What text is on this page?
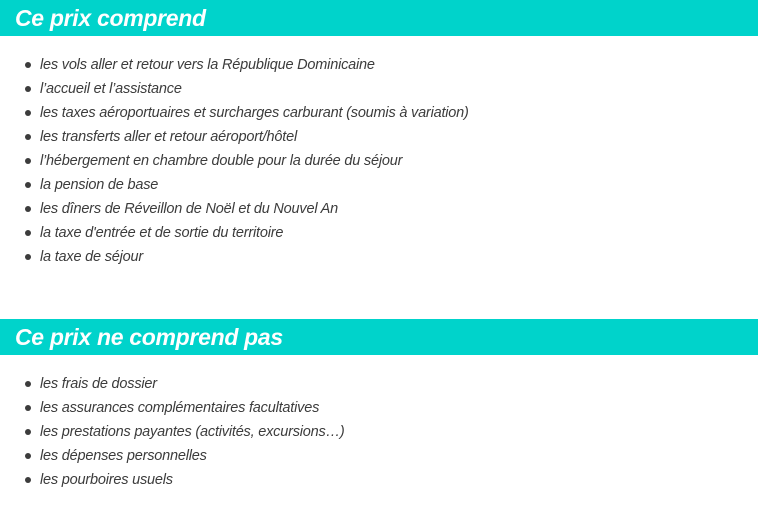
Ce prix comprend
les vols aller et retour vers la République Dominicaine
l’accueil et l’assistance
les taxes aéroportuaires et surcharges carburant (soumis à variation)
les transferts aller et retour aéroport/hôtel
l’hébergement en chambre double pour la durée du séjour
la pension de base
les dîners de Réveillon de Noël et du Nouvel An
la taxe d'entrée et de sortie du territoire
la taxe de séjour
Ce prix ne comprend pas
les frais de dossier
les assurances complémentaires facultatives
les prestations payantes (activités, excursions…)
les dépenses personnelles
les pourboires usuels
